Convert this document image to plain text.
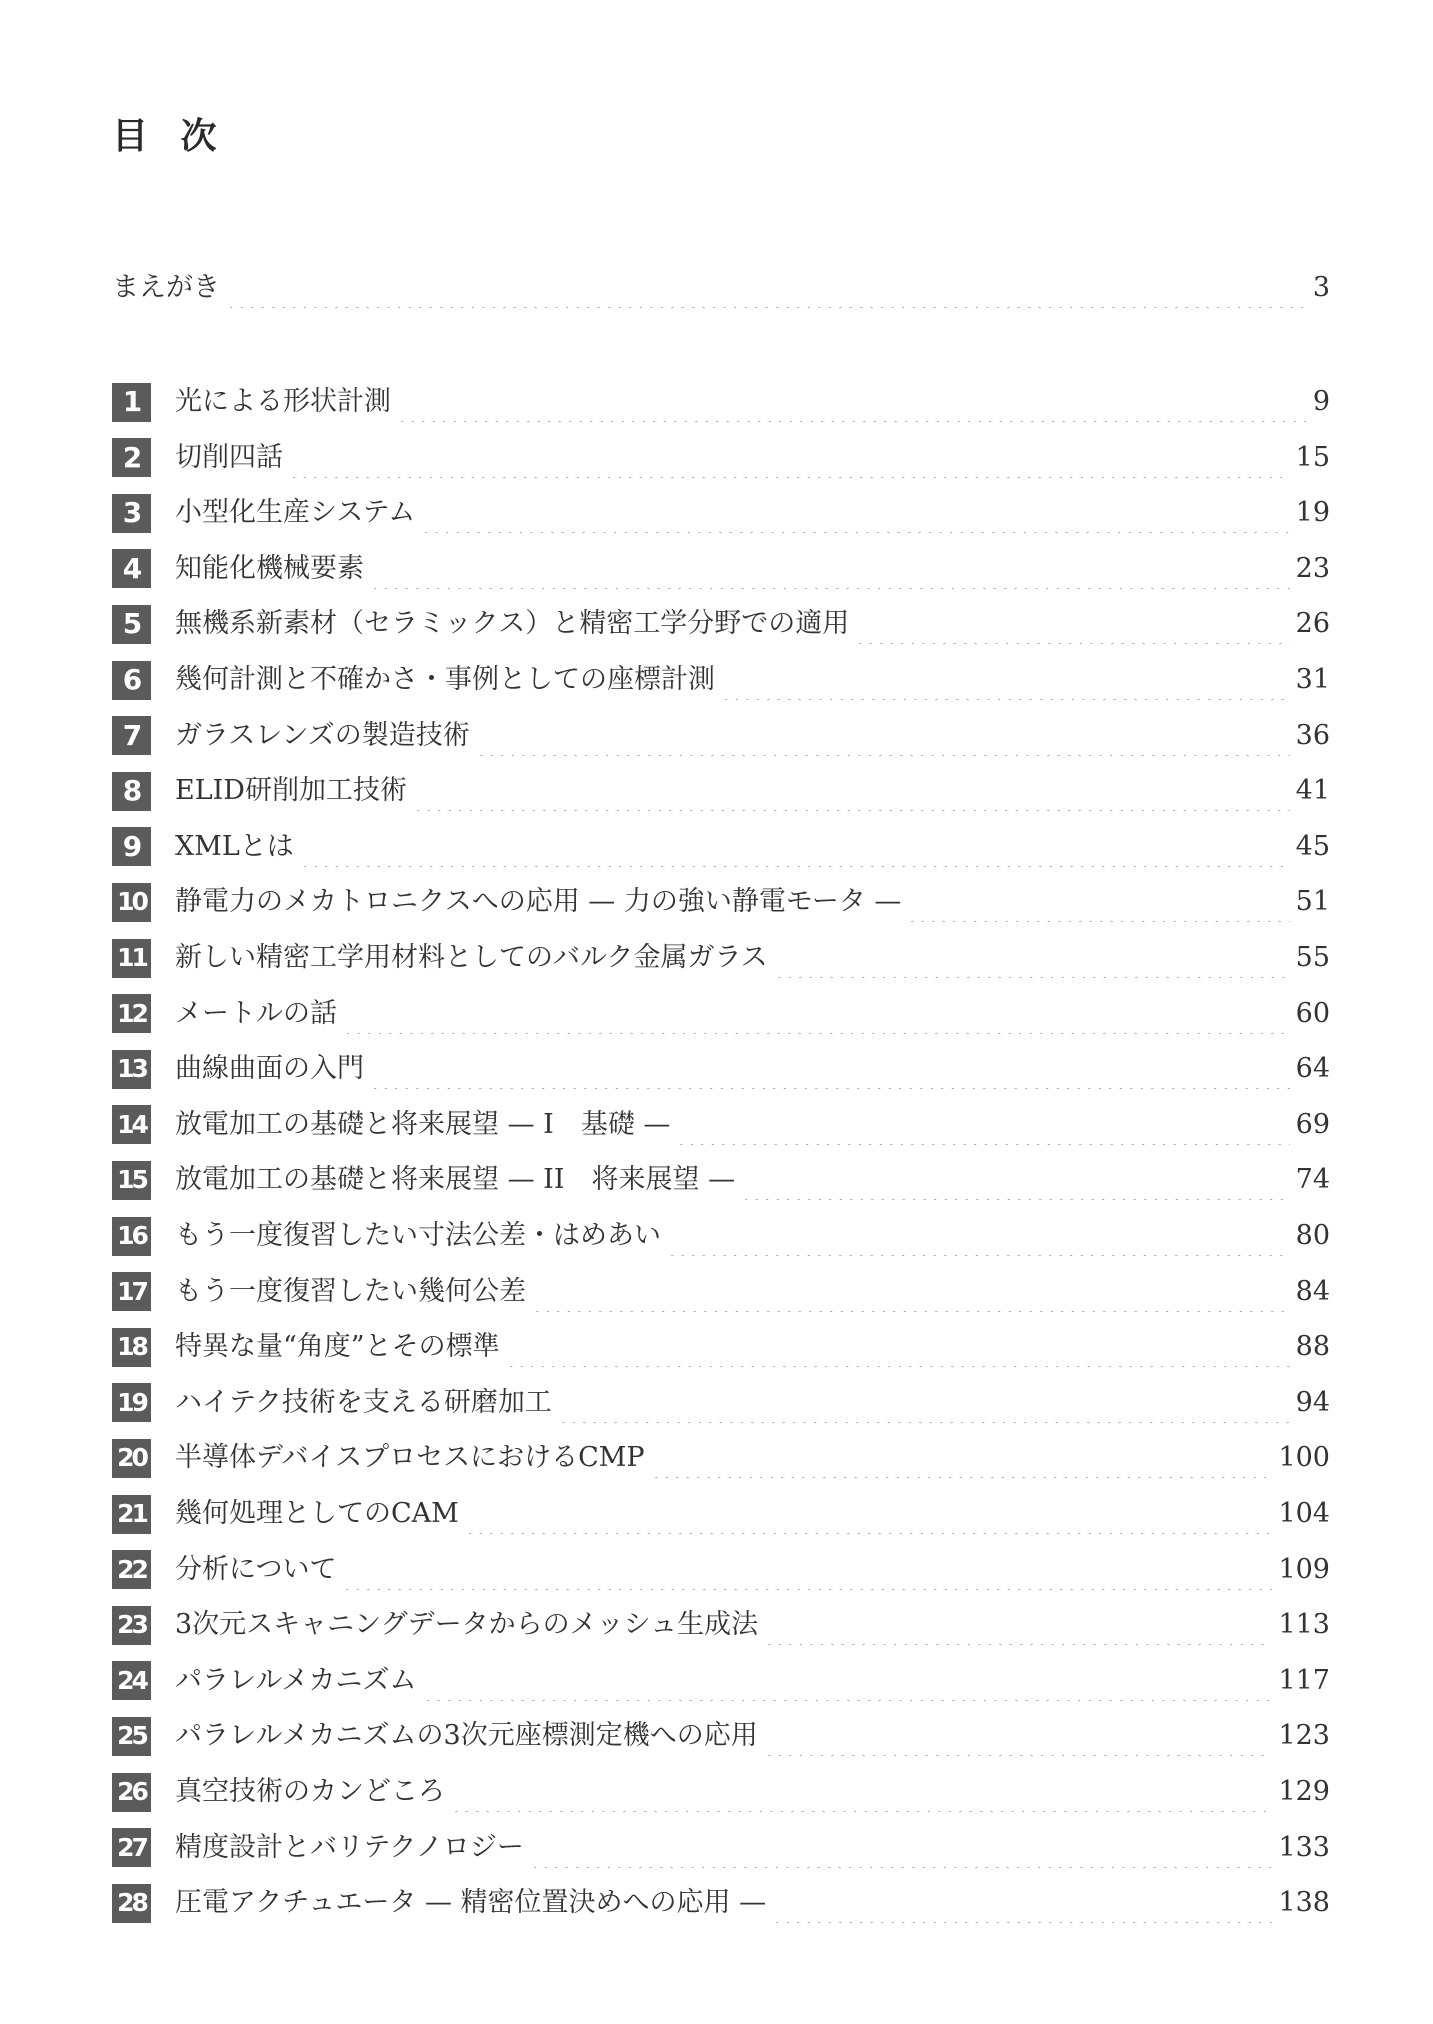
目 次
まえがき	3
1	光による形状計測	9
2	切削四話	15
3	小型化生産システム	19
4	知能化機械要素	23
5	無機系新素材（セラミックス）と精密工学分野での適用	26
6	幾何計測と不確かさ・事例としての座標計測	31
7	ガラスレンズの製造技術	36
8	ELID研削加工技術	41
9	XMLとは	45
10 静電力のメカトロニクスへの応用 — 力の強い静電モータ —	51
11 新しい精密工学用材料としてのバルク金属ガラス	55
12 メートルの話	60
13 曲線曲面の入門	64
14 放電加工の基礎と将来展望 — I　基礎 —	69
15 放電加工の基礎と将来展望 — II　将来展望 —	74
16 もう一度復習したい寸法公差・はめあい	80
17 もう一度復習したい幾何公差	84
18 特異な量“角度”とその標準	88
19 ハイテク技術を支える研磨加工	94
20 半導体デバイスプロセスにおけるCMP	100
21 幾何処理としてのCAM	104
22 分析について	109
23 3次元スキャニングデータからのメッシュ生成法	113
24 パラレルメカニズム	117
25 パラレルメカニズムの3次元座標測定機への応用	123
26 真空技術のカンどころ	129
27 精度設計とバリテクノロジー	133
28 圧電アクチュエータ — 精密位置決めへの応用 —	138
